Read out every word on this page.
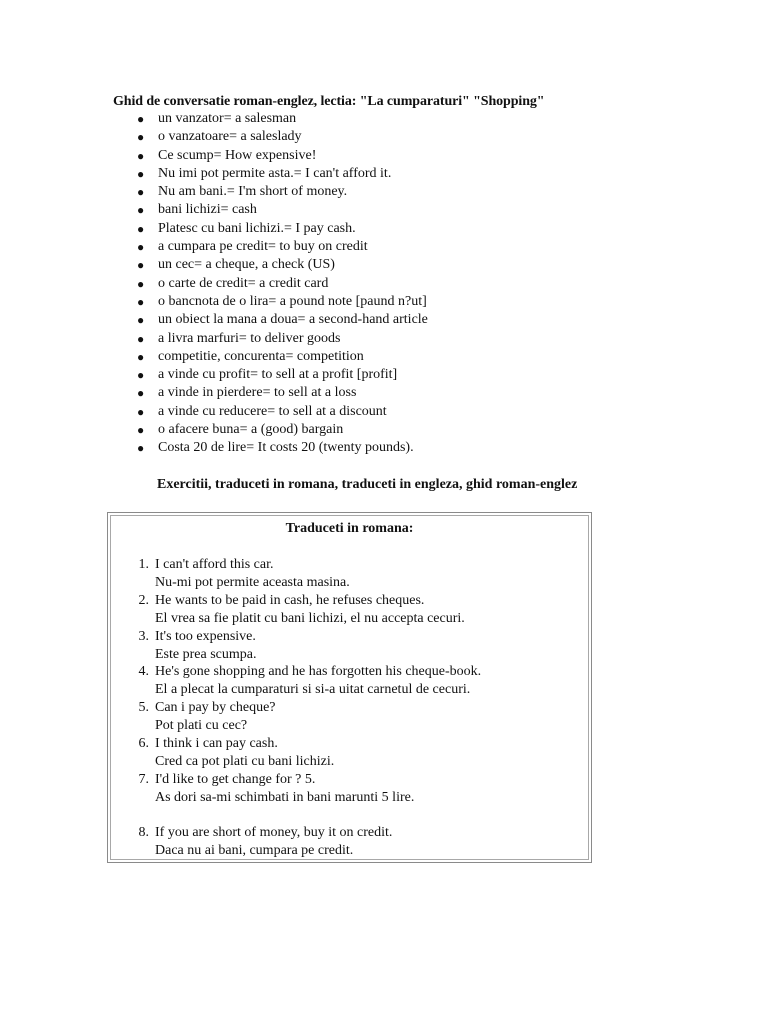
Ghid de conversatie roman-englez, lectia: "La cumparaturi" "Shopping"
● un vanzator= a salesman
● o vanzatoare= a saleslady
● Ce scump= How expensive!
● Nu imi pot permite asta.= I can't afford it.
● Nu am bani.= I'm short of money.
● bani lichizi= cash
● Platesc cu bani lichizi.= I pay cash.
● a cumpara pe credit= to buy on credit
● un cec= a cheque, a check (US)
● o carte de credit= a credit card
● o bancnota de o lira= a pound note [paund n?ut]
● un obiect la mana a doua= a second-hand article
● a livra marfuri= to deliver goods
● competitie, concurenta= competition
● a vinde cu profit= to sell at a profit [profit]
● a vinde in pierdere= to sell at a loss
● a vinde cu reducere= to sell at a discount
● o afacere buna= a (good) bargain
● Costa 20 de lire= It costs 20 (twenty pounds).
Exercitii, traduceti in romana, traduceti in engleza, ghid roman-englez
Traduceti in romana:
1. I can't afford this car.
Nu-mi pot permite aceasta masina.
2. He wants to be paid in cash, he refuses cheques.
El vrea sa fie platit cu bani lichizi, el nu accepta cecuri.
3. It's too expensive.
Este prea scumpa.
4. He's gone shopping and he has forgotten his cheque-book.
El a plecat la cumparaturi si si-a uitat carnetul de cecuri.
5. Can i pay by cheque?
Pot plati cu cec?
6. I think i can pay cash.
Cred ca pot plati cu bani lichizi.
7. I'd like to get change for ? 5.
As dori sa-mi schimbati in bani marunti 5 lire.
8. If you are short of money, buy it on credit.
Daca nu ai bani, cumpara pe credit.
